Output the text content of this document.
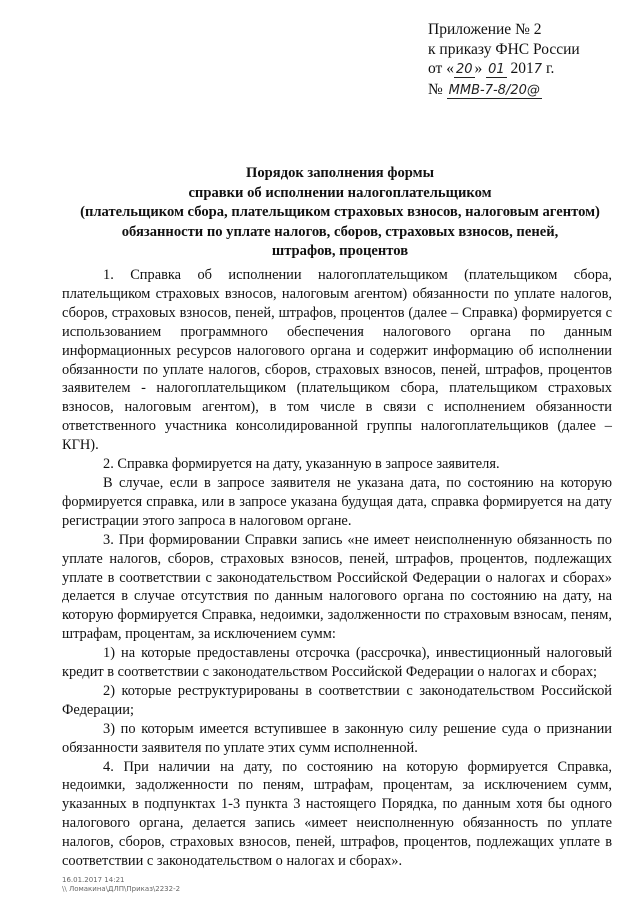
Приложение № 2
к приказу ФНС России
от « 20 » 01 2017 г.
№ ММВ-7-8/20@
Порядок заполнения формы
справки об исполнении налогоплательщиком
(плательщиком сбора, плательщиком страховых взносов, налоговым агентом)
обязанности по уплате налогов, сборов, страховых взносов, пеней,
штрафов, процентов

1. Справка об исполнении налогоплательщиком (плательщиком сбора, плательщиком страховых взносов, налоговым агентом) обязанности по уплате налогов, сборов, страховых взносов, пеней, штрафов, процентов (далее – Справка) формируется с использованием программного обеспечения налогового органа по данным информационных ресурсов налогового органа и содержит информацию об исполнении обязанности по уплате налогов, сборов, страховых взносов, пеней, штрафов, процентов заявителем - налогоплательщиком (плательщиком сбора, плательщиком страховых взносов, налоговым агентом), в том числе в связи с исполнением обязанности ответственного участника консолидированной группы налогоплательщиков (далее – КГН).

2. Справка формируется на дату, указанную в запросе заявителя.

В случае, если в запросе заявителя не указана дата, по состоянию на которую формируется справка, или в запросе указана будущая дата, справка формируется на дату регистрации этого запроса в налоговом органе.

3. При формировании Справки запись «не имеет неисполненную обязанность по уплате налогов, сборов, страховых взносов, пеней, штрафов, процентов, подлежащих уплате в соответствии с законодательством Российской Федерации о налогах и сборах» делается в случае отсутствия по данным налогового органа по состоянию на дату, на которую формируется Справка, недоимки, задолженности по страховым взносам, пеням, штрафам, процентам, за исключением сумм:

1) на которые предоставлены отсрочка (рассрочка), инвестиционный налоговый кредит в соответствии с законодательством Российской Федерации о налогах и сборах;

2) которые реструктурированы в соответствии с законодательством Российской Федерации;

3) по которым имеется вступившее в законную силу решение суда о признании обязанности заявителя по уплате этих сумм исполненной.

4. При наличии на дату, по состоянию на которую формируется Справка, недоимки, задолженности по пеням, штрафам, процентам, за исключением сумм, указанных в подпунктах 1-3 пункта 3 настоящего Порядка, по данным хотя бы одного налогового органа, делается запись «имеет неисполненную обязанность по уплате налогов, сборов, страховых взносов, пеней, штрафов, процентов, подлежащих уплате в соответствии с законодательством о налогах и сборах».

16.01.2017 14:21
\\ Ломакина\ДЛП\Приказ\2232-2
